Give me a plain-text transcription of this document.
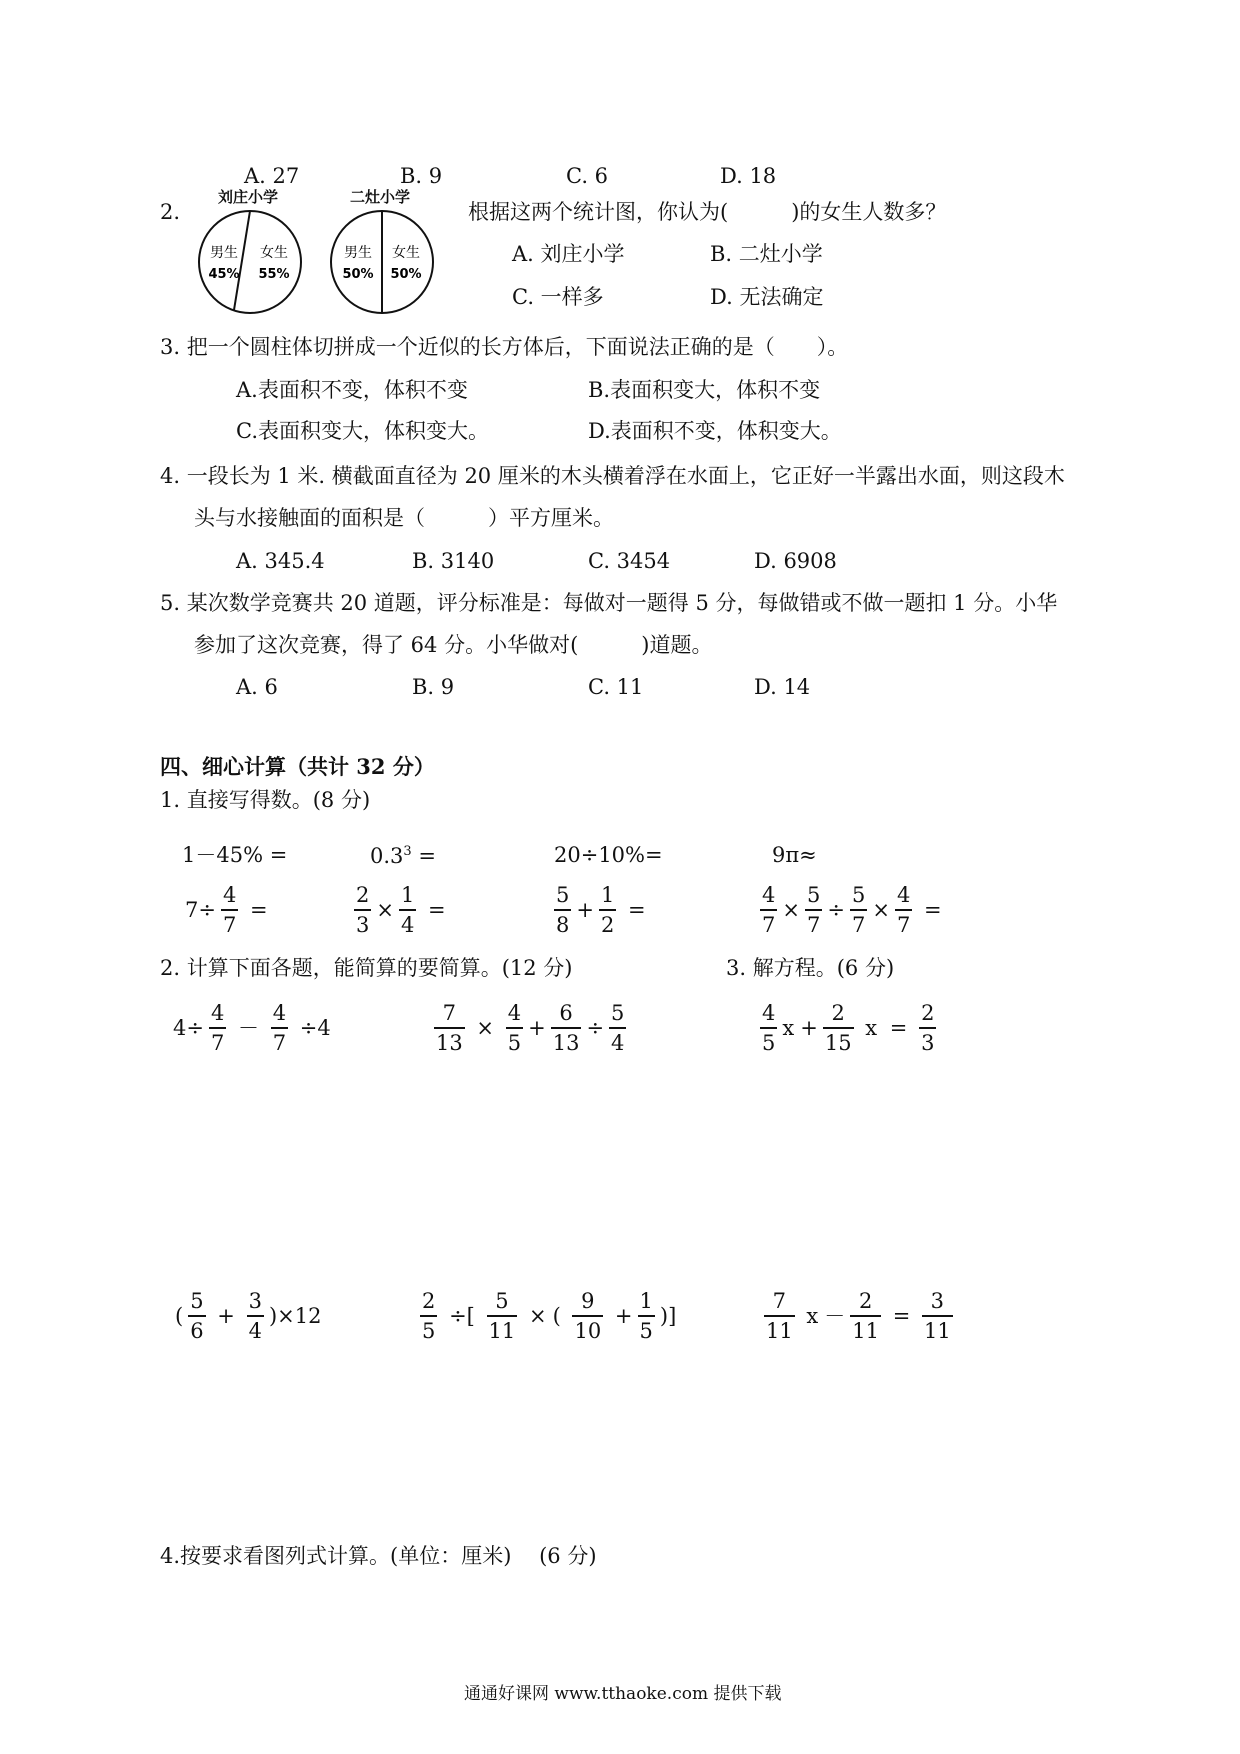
A. 27	B. 9	C. 6	D. 18
2.
刘庄小学
男生
45%
女生
55%
二灶小学
男生
50%
女生
50%
根据这两个统计图，你认为(　　　)的女生人数多？
A. 刘庄小学	B. 二灶小学
C. 一样多	D. 无法确定
3. 把一个圆柱体切拼成一个近似的长方体后，下面说法正确的是（　　）。
A.表面积不变，体积不变	B.表面积变大，体积不变
C.表面积变大，体积变大。	D.表面积不变，体积变大。
4. 一段长为 1 米. 横截面直径为 20 厘米的木头横着浮在水面上，它正好一半露出水面，则这段木
头与水接触面的面积是（　　　）平方厘米。
A. 345.4	B. 3140	C. 3454	D. 6908
5. 某次数学竞赛共 20 道题，评分标准是：每做对一题得 5 分，每做错或不做一题扣 1 分。小华
参加了这次竞赛，得了 64 分。小华做对(　　　)道题。
A. 6	B. 9	C. 11	D. 14
四、细心计算（共计 32 分）
1. 直接写得数。(8 分)
1－45% =	$0.3^3$ =	20÷10%=	9π≈
$7\div \frac{4}{7}$ =	$\frac{2}{3} \times \frac{1}{4}$ =	$\frac{5}{8} + \frac{1}{2}$ =	$\frac{4}{7} \times \frac{5}{7} \div \frac{5}{7} \times \frac{4}{7}$ =
2. 计算下面各题，能简算的要简算。(12 分)	3. 解方程。(6 分)
$4\div \frac{4}{7} - \frac{4}{7} \div 4$	$\frac{7}{13} \times \frac{4}{5} + \frac{6}{13} \div \frac{5}{4}$	$\frac{4}{5}$ $x + \frac{2}{15}$ $x = \frac{2}{3}$
( $\frac{5}{6} + \frac{3}{4} )\times 12$	$\frac{2}{5}$ ÷[ $\frac{5}{11}$ × ( $\frac{9}{10} + \frac{1}{5}$ )]	$\frac{7}{11}$ $x - \frac{2}{11} = \frac{3}{11}$
4.按要求看图列式计算。(单位：厘米)　 (6 分)
通通好课网 www.tthaoke.com 提供下载
